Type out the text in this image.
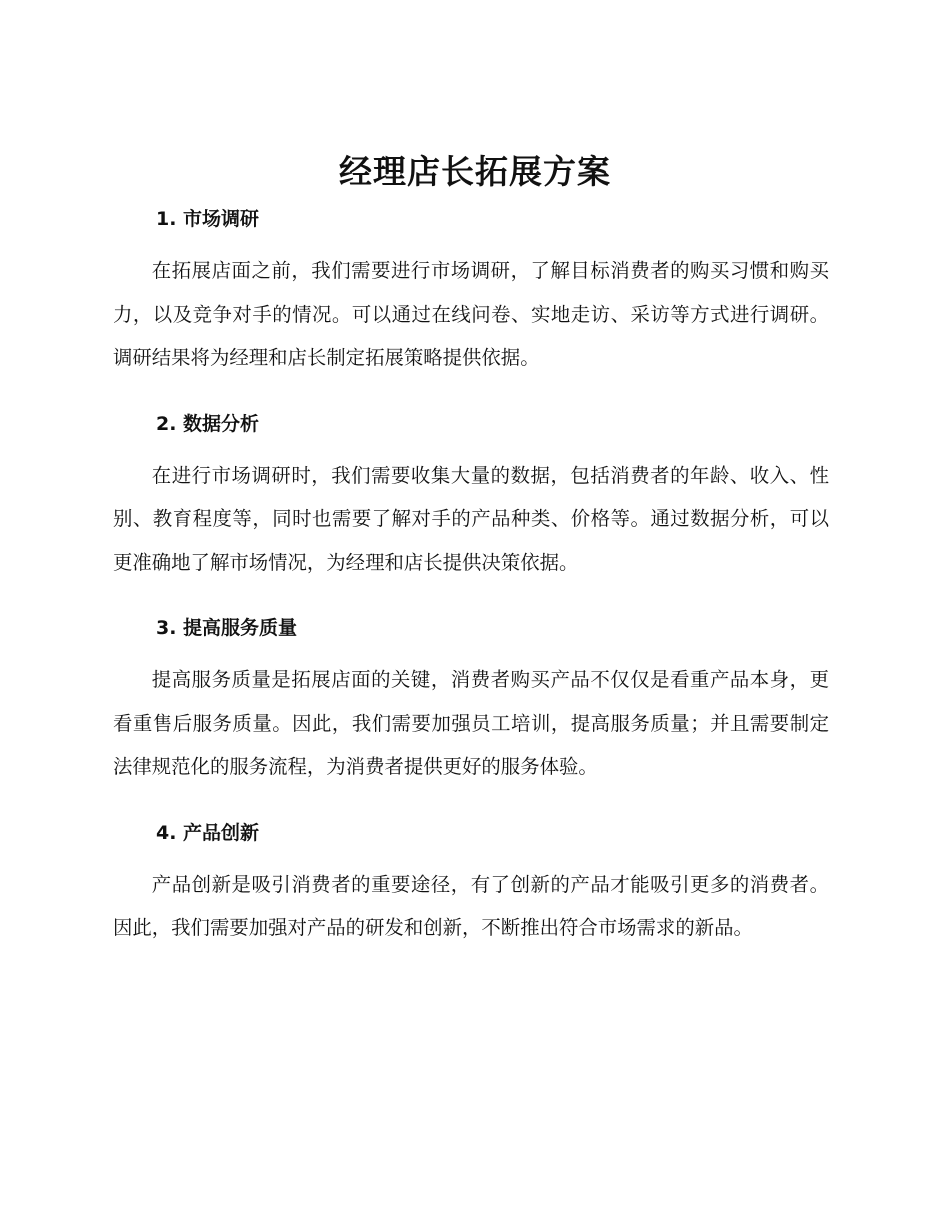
经理店长拓展方案
1. 市场调研

在拓展店面之前，我们需要进行市场调研，了解目标消费者的购买习惯和购买力，以及竞争对手的情况。可以通过在线问卷、实地走访、采访等方式进行调研。调研结果将为经理和店长制定拓展策略提供依据。

2. 数据分析

在进行市场调研时，我们需要收集大量的数据，包括消费者的年龄、收入、性别、教育程度等，同时也需要了解对手的产品种类、价格等。通过数据分析，可以更准确地了解市场情况，为经理和店长提供决策依据。

3. 提高服务质量

提高服务质量是拓展店面的关键，消费者购买产品不仅仅是看重产品本身，更看重售后服务质量。因此，我们需要加强员工培训，提高服务质量；并且需要制定法律规范化的服务流程，为消费者提供更好的服务体验。

4. 产品创新

产品创新是吸引消费者的重要途径，有了创新的产品才能吸引更多的消费者。因此，我们需要加强对产品的研发和创新，不断推出符合市场需求的新品。
